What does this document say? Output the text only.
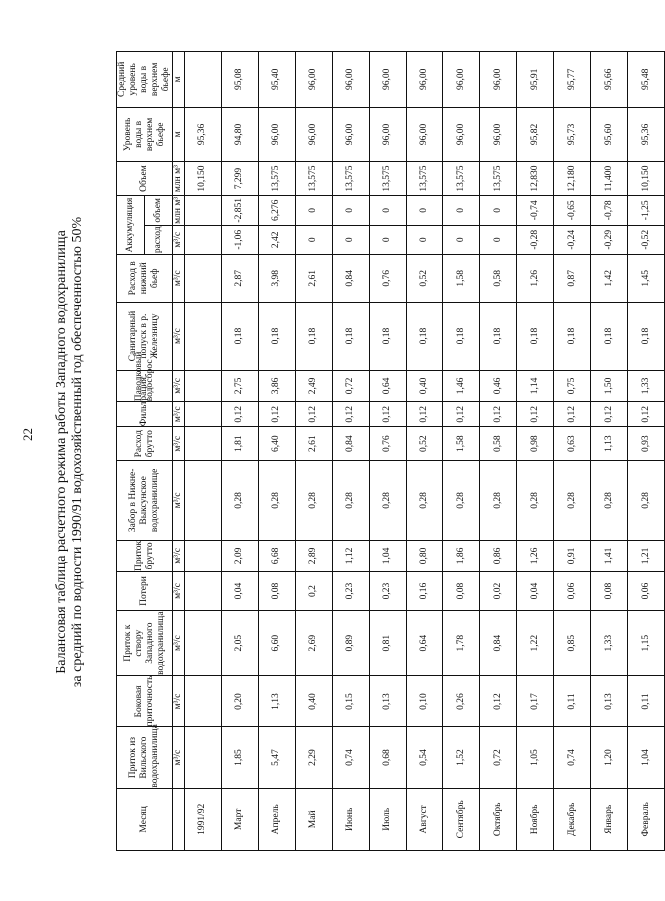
22 Балансовая таблица расчетного режима работы Западного водохранилища за средний по водности 1990/91 водохозяйственный год обеспеченностью 50%
Месяц	Приток из Вильского водохранилища	Боковая приточность	Приток к створу Западного водохранилища	Потери	Приток брутто	Забор в Нижне-Выксунское водохранилище	Расход брутто	Фильтрация	Паводковый водосброс	Санитарный попуск в р. Железницу	Расход в нижний бьеф	Аккумуляция		Объем	Уровень воды в верхнем бьефе	Средний уровень воды в верхнем бьефе
												расход	объем			
	м³/с	м³/с	м³/с	м³/с	м³/с	м³/с	м³/с	м³/с	м³/с	м³/с	м³/с	м³/с	млн м³	млн м³	м	м
1991/92														10,150	95,36	
Март	1,85	0,20	2,05	0,04	2,09	0,28	1,81	0,12	2,75	0,18	2,87	-1,06	-2,851	7,299	94,80	95,08
Апрель	5,47	1,13	6,60	0,08	6,68	0,28	6,40	0,12	3,86	0,18	3,98	2,42	6,276	13,575	96,00	95,40
Май	2,29	0,40	2,69	0,2	2,89	0,28	2,61	0,12	2,49	0,18	2,61	0	0	13,575	96,00	96,00
Июнь	0,74	0,15	0,89	0,23	1,12	0,28	0,84	0,12	0,72	0,18	0,84	0	0	13,575	96,00	96,00
Июль	0,68	0,13	0,81	0,23	1,04	0,28	0,76	0,12	0,64	0,18	0,76	0	0	13,575	96,00	96,00
Август	0,54	0,10	0,64	0,16	0,80	0,28	0,52	0,12	0,40	0,18	0,52	0	0	13,575	96,00	96,00
Сентябрь	1,52	0,26	1,78	0,08	1,86	0,28	1,58	0,12	1,46	0,18	1,58	0	0	13,575	96,00	96,00
Октябрь	0,72	0,12	0,84	0,02	0,86	0,28	0,58	0,12	0,46	0,18	0,58	0	0	13,575	96,00	96,00
Ноябрь	1,05	0,17	1,22	0,04	1,26	0,28	0,98	0,12	1,14	0,18	1,26	-0,28	-0,74	12,830	95,82	95,91
Декабрь	0,74	0,11	0,85	0,06	0,91	0,28	0,63	0,12	0,75	0,18	0,87	-0,24	-0,65	12,180	95,73	95,77
Январь	1,20	0,13	1,33	0,08	1,41	0,28	1,13	0,12	1,50	0,18	1,42	-0,29	-0,78	11,400	95,60	95,66
Февраль	1,04	0,11	1,15	0,06	1,21	0,28	0,93	0,12	1,33	0,18	1,45	-0,52	-1,25	10,150	95,36	95,48
